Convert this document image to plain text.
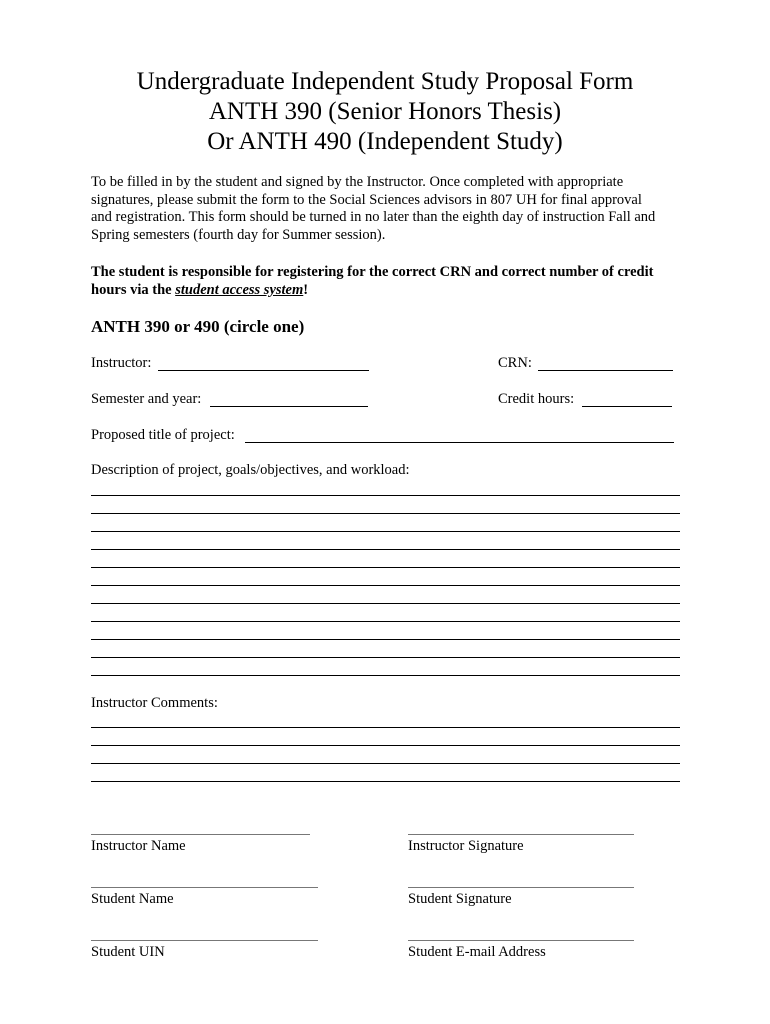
Undergraduate Independent Study Proposal Form
ANTH 390 (Senior Honors Thesis)
Or ANTH 490 (Independent Study)
To be filled in by the student and signed by the Instructor. Once completed with appropriate
signatures, please submit the form to the Social Sciences advisors in 807 UH for final approval
and registration. This form should be turned in no later than the eighth day of instruction Fall and
Spring semesters (fourth day for Summer session).
The student is responsible for registering for the correct CRN and correct number of credit
hours via the student access system!
ANTH 390 or 490 (circle one)
Instructor:	CRN:
Semester and year:	Credit hours:
Proposed title of project:
Description of project, goals/objectives, and workload:
Instructor Comments:
Instructor Name	Instructor Signature
Student Name	Student Signature
Student UIN	Student E-mail Address
